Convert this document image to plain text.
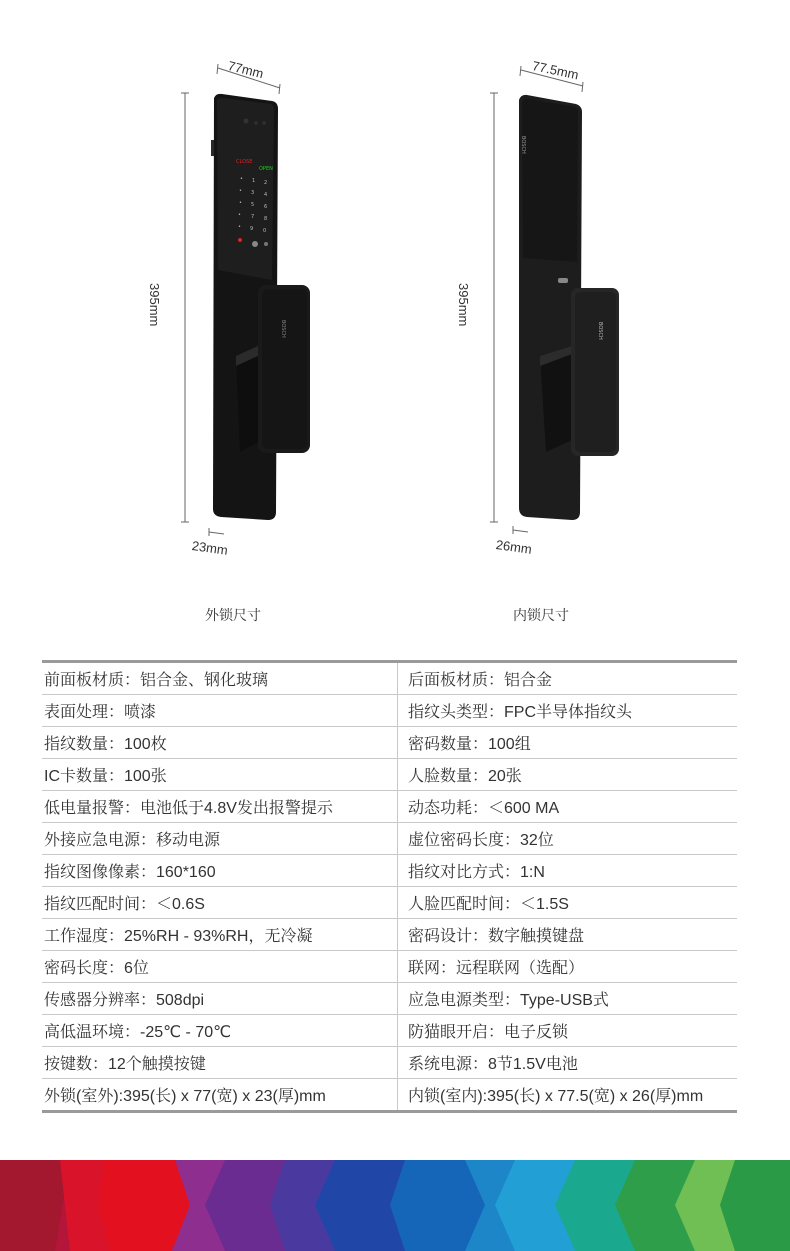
CLOSE
OPEN
• 1 2
• 3 4
• 5 6
• 7 8
• 9 0
BOSCH
BOSCH
BOSCH
77mm
395mm
23mm
外锁尺寸
77.5mm
395mm
26mm
内锁尺寸
前面板材质：铝合金、钢化玻璃	后面板材质：铝合金
表面处理：喷漆	指纹头类型：FPC半导体指纹头
指纹数量：100枚	密码数量：100组
IC卡数量：100张	人脸数量：20张
低电量报警：电池低于4.8V发出报警提示	动态功耗：＜600 MA
外接应急电源：移动电源	虚位密码长度：32位
指纹图像像素：160*160	指纹对比方式：1:N
指纹匹配时间：＜0.6S	人脸匹配时间：＜1.5S
工作湿度：25%RH - 93%RH，无冷凝	密码设计：数字触摸键盘
密码长度：6位	联网：远程联网（选配）
传感器分辨率：508dpi	应急电源类型：Type-USB式
高低温环境：-25℃ - 70℃	防猫眼开启：电子反锁
按键数：12个触摸按键	系统电源：8节1.5V电池
外锁(室外):395(长) x 77(宽) x 23(厚)mm	内锁(室内):395(长) x 77.5(宽) x 26(厚)mm
